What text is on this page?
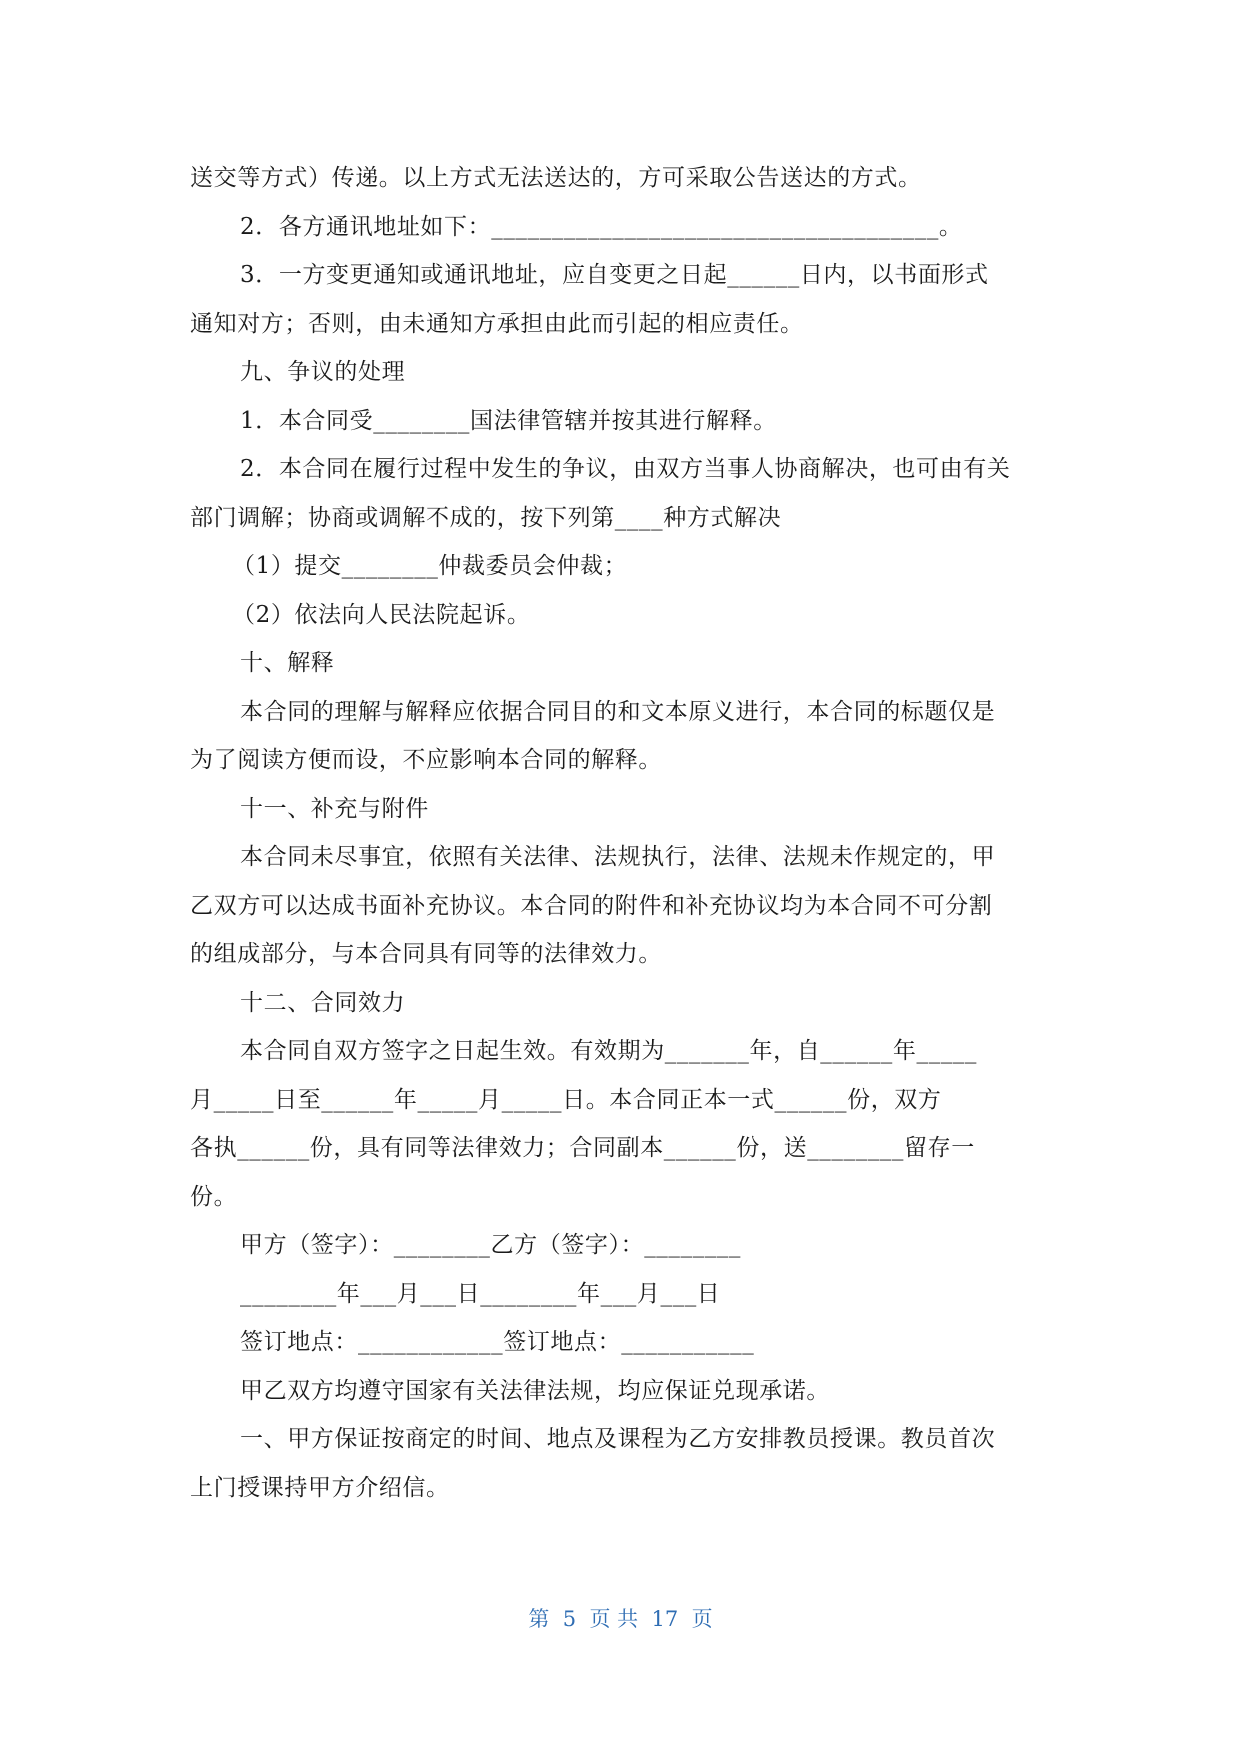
送交等方式）传递。以上方式无法送达的，方可采取公告送达的方式。
2．各方通讯地址如下：_____________________________________。
3．一方变更通知或通讯地址，应自变更之日起______日内，以书面形式
通知对方；否则，由未通知方承担由此而引起的相应责任。
九、争议的处理
1．本合同受________国法律管辖并按其进行解释。
2．本合同在履行过程中发生的争议，由双方当事人协商解决，也可由有关
部门调解；协商或调解不成的，按下列第____种方式解决
（1）提交________仲裁委员会仲裁；
（2）依法向人民法院起诉。
十、解释
本合同的理解与解释应依据合同目的和文本原义进行，本合同的标题仅是
为了阅读方便而设，不应影响本合同的解释。
十一、补充与附件
本合同未尽事宜，依照有关法律、法规执行，法律、法规未作规定的，甲
乙双方可以达成书面补充协议。本合同的附件和补充协议均为本合同不可分割
的组成部分，与本合同具有同等的法律效力。
十二、合同效力
本合同自双方签字之日起生效。有效期为_______年，自______年_____
月_____日至______年_____月_____日。本合同正本一式______份，双方
各执______份，具有同等法律效力；合同副本______份，送________留存一
份。
甲方（签字）：________乙方（签字）：________
________年___月___日________年___月___日
签订地点：____________签订地点：___________
甲乙双方均遵守国家有关法律法规，均应保证兑现承诺。
一、甲方保证按商定的时间、地点及课程为乙方安排教员授课。教员首次
上门授课持甲方介绍信。
第  5  页 共  17  页
